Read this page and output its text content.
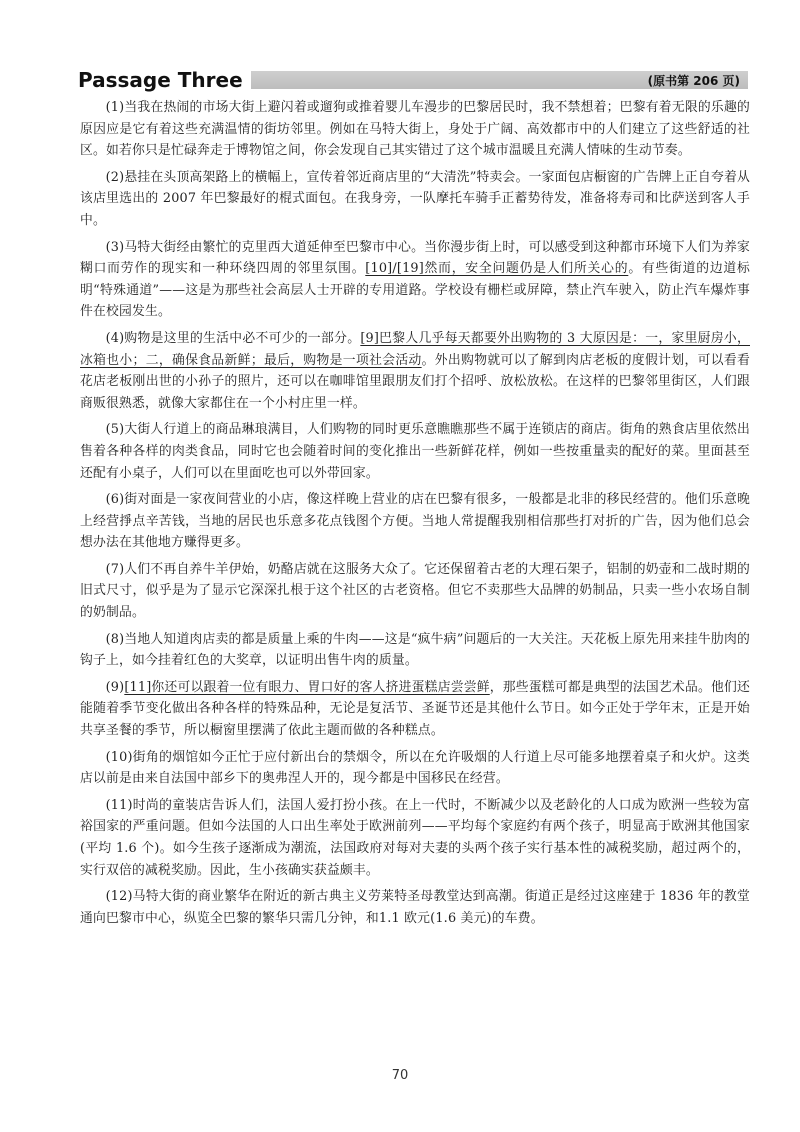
Passage Three	(原书第 206 页)

(1)当我在热闹的市场大街上避闪着或遛狗或推着婴儿车漫步的巴黎居民时，我不禁想着；巴黎有着无限的乐趣的原因应是它有着这些充满温情的街坊邻里。例如在马特大街上，身处于广阔、高效都市中的人们建立了这些舒适的社区。如若你只是忙碌奔走于博物馆之间，你会发现自己其实错过了这个城市温暖且充满人情味的生动节奏。

(2)悬挂在头顶高架路上的横幅上，宣传着邻近商店里的“大清洗”特卖会。一家面包店橱窗的广告牌上正自夸着从该店里选出的 2007 年巴黎最好的棍式面包。在我身旁，一队摩托车骑手正蓄势待发，准备将寿司和比萨送到客人手中。

(3)马特大街经由繁忙的克里西大道延伸至巴黎市中心。当你漫步街上时，可以感受到这种都市环境下人们为养家糊口而劳作的现实和一种环绕四周的邻里氛围。[10]/[19]然而，安全问题仍是人们所关心的。有些街道的边道标明“特殊通道”——这是为那些社会高层人士开辟的专用道路。学校设有栅栏或屏障，禁止汽车驶入，防止汽车爆炸事件在校园发生。

(4)购物是这里的生活中必不可少的一部分。[9]巴黎人几乎每天都要外出购物的 3 大原因是：一，家里厨房小，冰箱也小；二，确保食品新鲜；最后，购物是一项社会活动。外出购物就可以了解到肉店老板的度假计划，可以看看花店老板刚出世的小孙子的照片，还可以在咖啡馆里跟朋友们打个招呼、放松放松。在这样的巴黎邻里街区，人们跟商贩很熟悉，就像大家都住在一个小村庄里一样。

(5)大街人行道上的商品琳琅满目，人们购物的同时更乐意瞧瞧那些不属于连锁店的商店。街角的熟食店里依然出售着各种各样的肉类食品，同时它也会随着时间的变化推出一些新鲜花样，例如一些按重量卖的配好的菜。里面甚至还配有小桌子，人们可以在里面吃也可以外带回家。

(6)街对面是一家夜间营业的小店，像这样晚上营业的店在巴黎有很多，一般都是北非的移民经营的。他们乐意晚上经营掙点辛苦钱，当地的居民也乐意多花点钱图个方便。当地人常提醒我别相信那些打对折的广告，因为他们总会想办法在其他地方赚得更多。

(7)人们不再自养牛羊伊始，奶酪店就在这服务大众了。它还保留着古老的大理石架子，铝制的奶壶和二战时期的旧式尺寸，似乎是为了显示它深深扎根于这个社区的古老资格。但它不卖那些大品牌的奶制品，只卖一些小农场自制的奶制品。

(8)当地人知道肉店卖的都是质量上乘的牛肉——这是“疯牛病”问题后的一大关注。天花板上原先用来挂牛肋肉的钩子上，如今挂着红色的大奖章，以证明出售牛肉的质量。

(9)[11]你还可以跟着一位有眼力、胃口好的客人挤进蛋糕店尝尝鲜，那些蛋糕可都是典型的法国艺术品。他们还能随着季节变化做出各种各样的特殊品种，无论是复活节、圣诞节还是其他什么节日。如今正处于学年末，正是开始共享圣餐的季节，所以橱窗里摆满了依此主题而做的各种糕点。

(10)街角的烟馆如今正忙于应付新出台的禁烟令，所以在允许吸烟的人行道上尽可能多地摆着桌子和火炉。这类店以前是由来自法国中部乡下的奥弗涅人开的，现今都是中国移民在经营。

(11)时尚的童装店告诉人们，法国人爱打扮小孩。在上一代时，不断减少以及老龄化的人口成为欧洲一些较为富裕国家的严重问题。但如今法国的人口出生率处于欧洲前列——平均每个家庭约有两个孩子，明显高于欧洲其他国家(平均 1.6 个)。如今生孩子逐渐成为潮流，法国政府对每对夫妻的头两个孩子实行基本性的减税奖励，超过两个的，实行双倍的减税奖励。因此，生小孩确实获益颇丰。

(12)马特大街的商业繁华在附近的新古典主义劳莱特圣母教堂达到高潮。街道正是经过这座建于 1836 年的教堂通向巴黎市中心，纵览全巴黎的繁华只需几分钟，和1.1 欧元(1.6 美元)的车费。

70
